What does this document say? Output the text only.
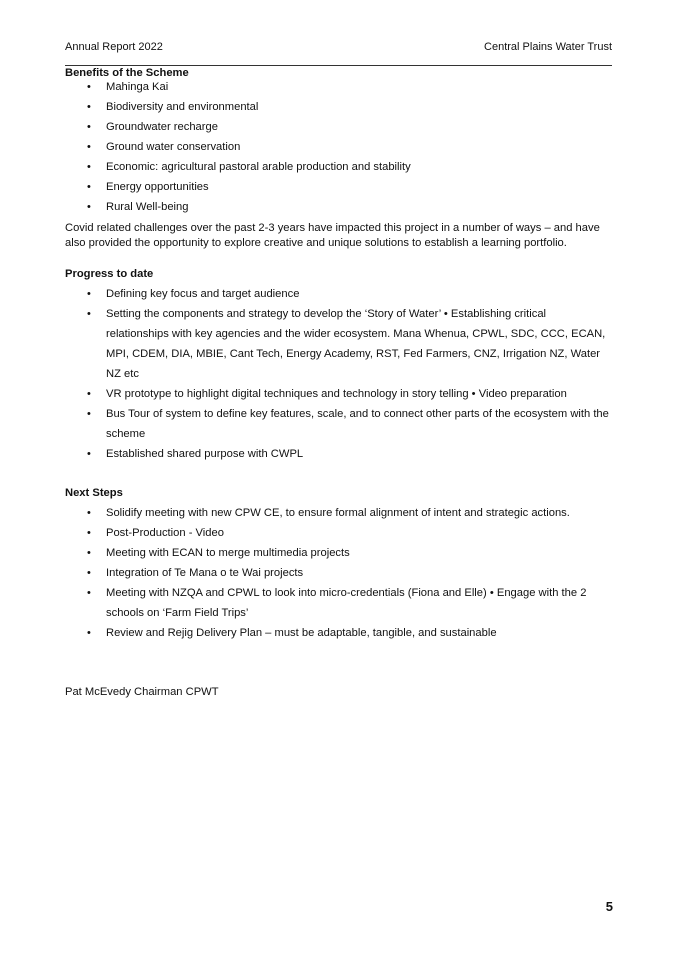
Annual Report 2022	Central Plains Water Trust
Benefits of the Scheme
• Mahinga Kai
• Biodiversity and environmental
• Groundwater recharge
• Ground water conservation
• Economic: agricultural pastoral arable production and stability
• Energy opportunities
• Rural Well-being
Covid related challenges over the past 2-3 years have impacted this project in a number of ways – and have also provided the opportunity to explore creative and unique solutions to establish a learning portfolio.
Progress to date
• Defining key focus and target audience
• Setting the components and strategy to develop the ‘Story of Water’ • Establishing critical relationships with key agencies and the wider ecosystem. Mana Whenua, CPWL, SDC, CCC, ECAN, MPI, CDEM, DIA, MBIE, Cant Tech, Energy Academy, RST, Fed Farmers, CNZ, Irrigation NZ, Water NZ etc
• VR prototype to highlight digital techniques and technology in story telling • Video preparation
• Bus Tour of system to define key features, scale, and to connect other parts of the ecosystem with the scheme
• Established shared purpose with CWPL
Next Steps
• Solidify meeting with new CPW CE, to ensure formal alignment of intent and strategic actions.
• Post-Production - Video
• Meeting with ECAN to merge multimedia projects
• Integration of Te Mana o te Wai projects
• Meeting with NZQA and CPWL to look into micro-credentials (Fiona and Elle) • Engage with the 2 schools on ‘Farm Field Trips’
• Review and Rejig Delivery Plan – must be adaptable, tangible, and sustainable
Pat McEvedy Chairman CPWT
5
